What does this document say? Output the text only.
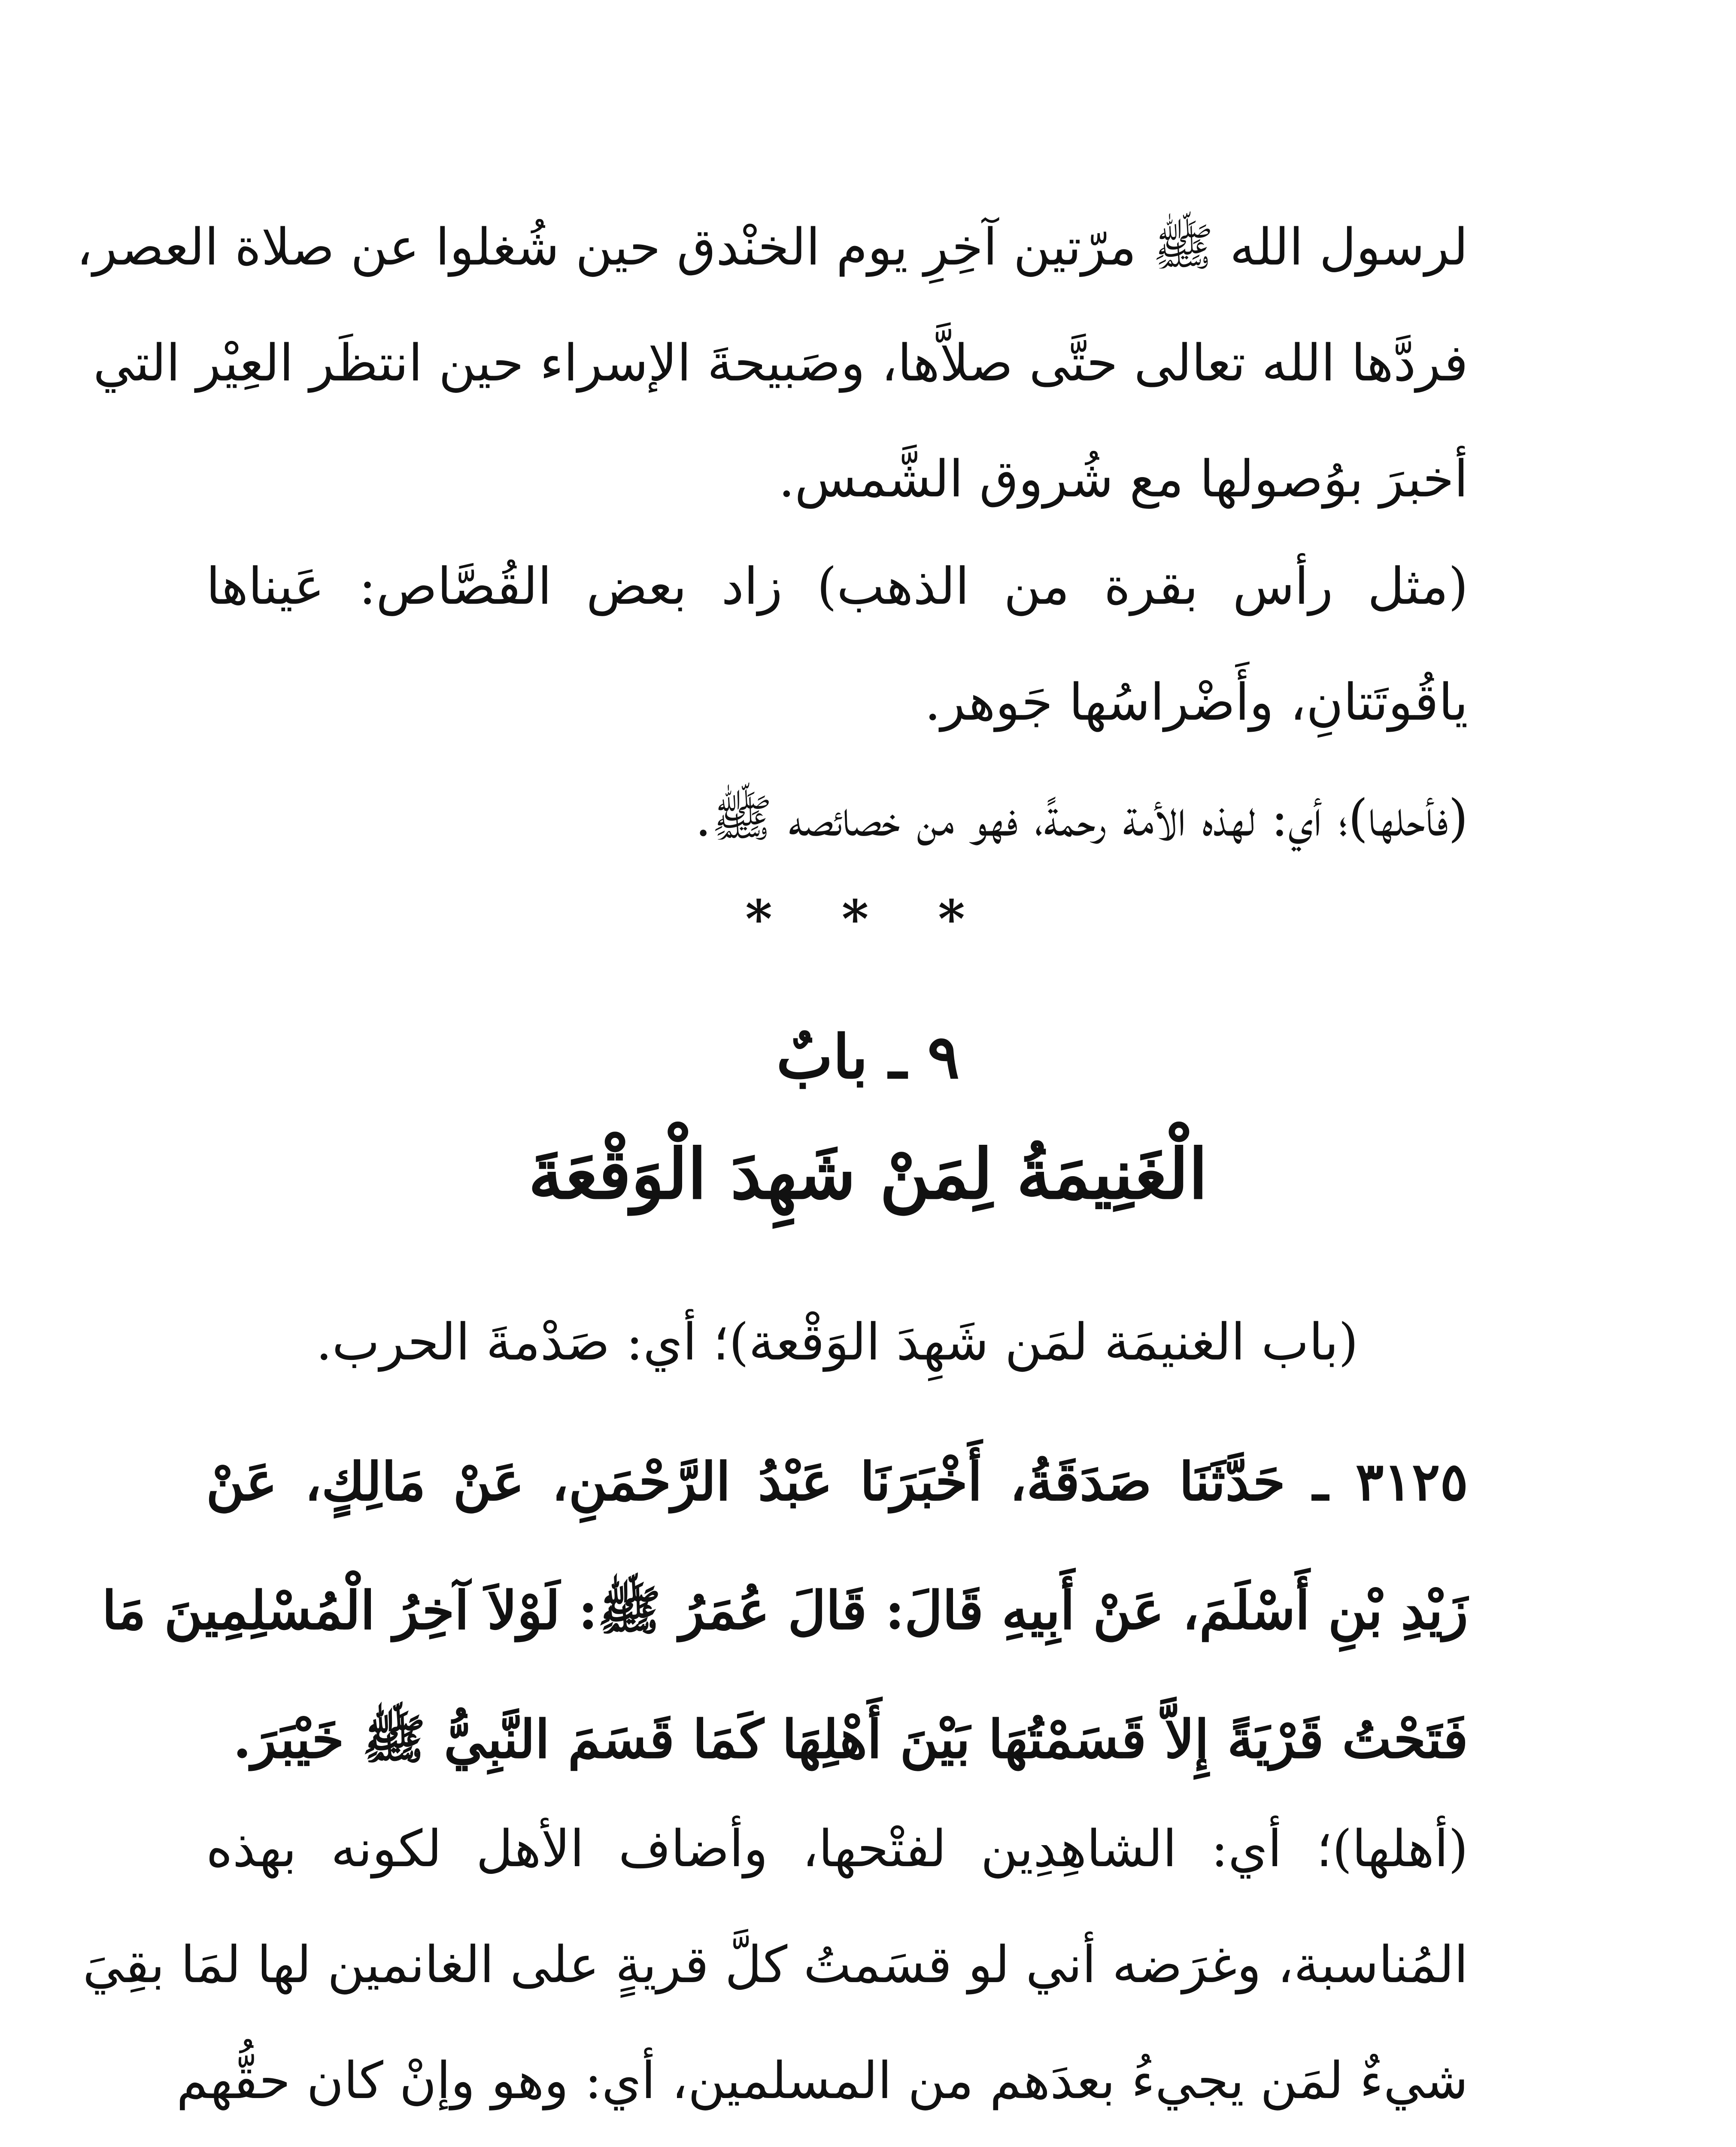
لرسول الله ﷺ مرّتين آخِرِ يوم الخنْدق حين شُغلوا عن صلاة العصر،
فردَّها الله تعالى حتَّى صلاَّها، وصَبيحةَ الإسراء حين انتظَر العِيْر التي
أخبرَ بوُصولها مع شُروق الشَّمس.
(مثل رأس بقرة من الذهب) زاد بعض القُصَّاص: عَيناها
ياقُوتَتانِ، وأَضْراسُها جَوهر.
(فأحلها)؛ أي: لهذه الأمة رحمةً، فهو من خصائصه ﷺ.
* * *
٩ ـ بابٌ
الْغَنِيمَةُ لِمَنْ شَهِدَ الْوَقْعَةَ
(باب الغنيمَة لمَن شَهِدَ الوَقْعة)؛ أي: صَدْمةَ الحرب.
٣١٢٥ ـ حَدَّثَنَا صَدَقَةُ، أَخْبَرَنَا عَبْدُ الرَّحْمَنِ، عَنْ مَالِكٍ، عَنْ
زَيْدِ بْنِ أَسْلَمَ، عَنْ أَبِيهِ قَالَ: قَالَ عُمَرُ ﷺ: لَوْلاَ آخِرُ الْمُسْلِمِينَ مَا
فَتَحْتُ قَرْيَةً إِلاَّ قَسَمْتُهَا بَيْنَ أَهْلِهَا كَمَا قَسَمَ النَّبِيُّ ﷺ خَيْبَرَ.
(أهلها)؛ أي: الشاهِدِين لفتْحها، وأضاف الأهل لكونه بهذه
المُناسبة، وغرَضه أني لو قسَمتُ كلَّ قريةٍ على الغانمين لها لمَا بقِيَ
شيءٌ لمَن يجيءُ بعدَهم من المسلمين، أي: وهو وإنْ كان حقُّهم
